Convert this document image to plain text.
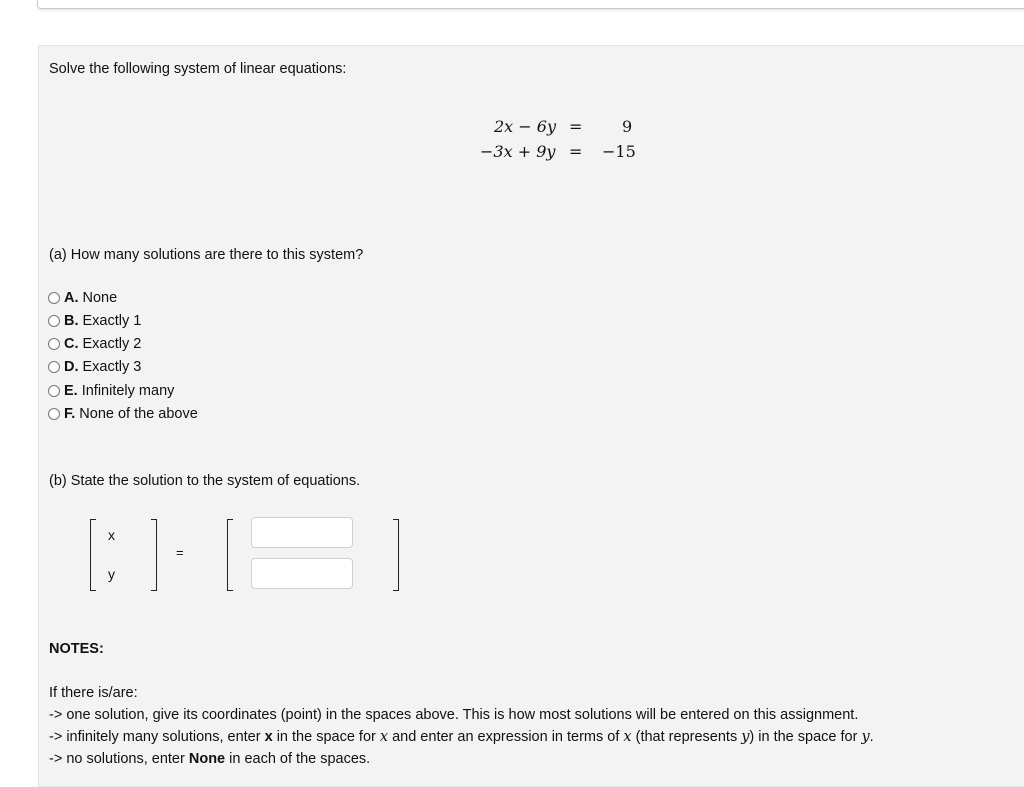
Solve the following system of linear equations:
2x − 6y = 9
−3x + 9y = −15
(a) How many solutions are there to this system?
A. None
B. Exactly 1
C. Exactly 2
D. Exactly 3
E. Infinitely many
F. None of the above
(b) State the solution to the system of equations.
x
y
=
NOTES:
If there is/are:
-> one solution, give its coordinates (point) in the spaces above. This is how most solutions will be entered on this assignment.
-> infinitely many solutions, enter x in the space for x and enter an expression in terms of x (that represents y) in the space for y.
-> no solutions, enter None in each of the spaces.
